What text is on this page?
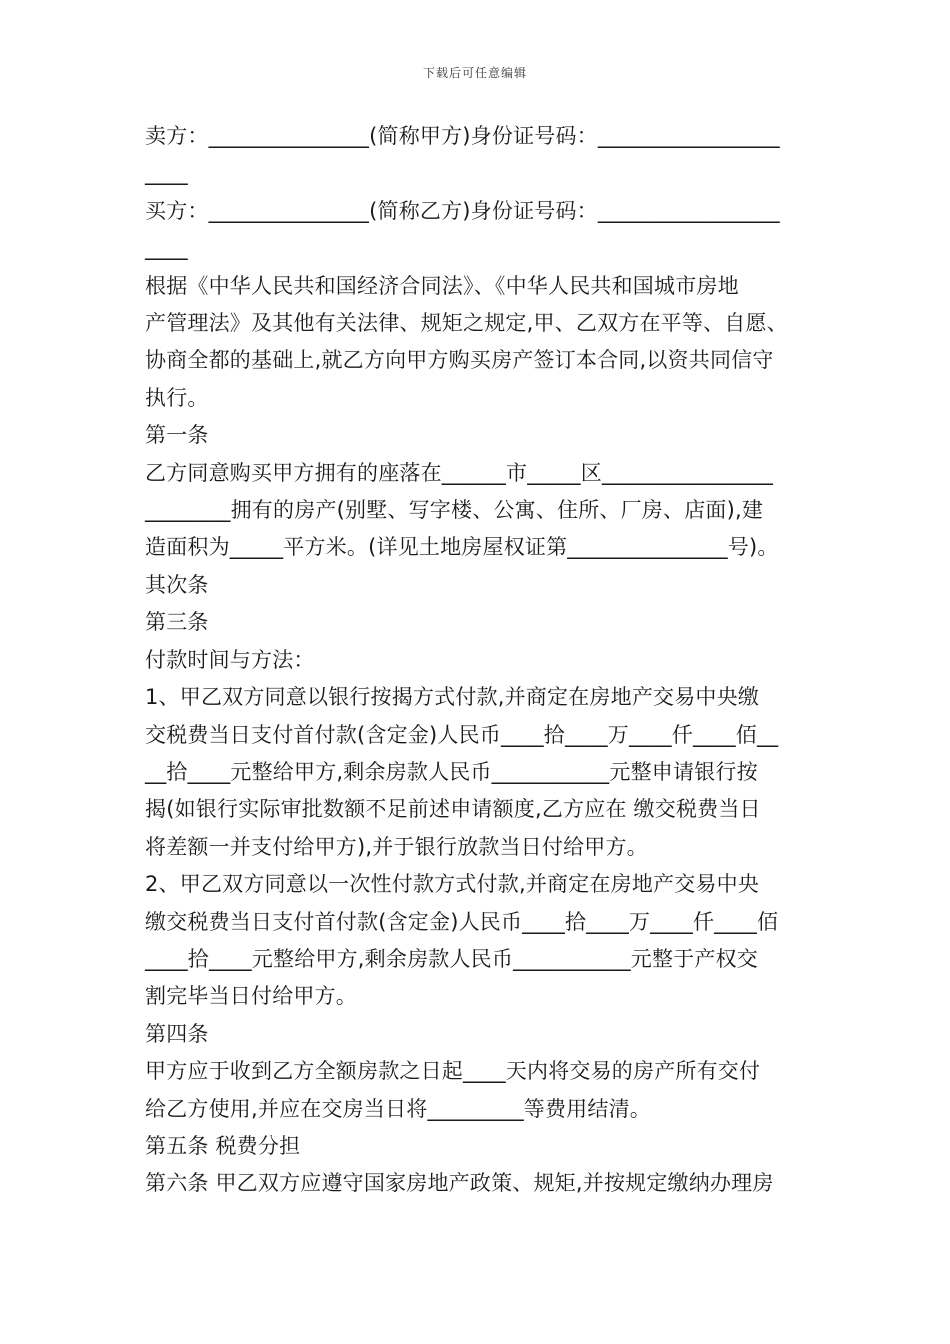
下载后可任意编辑
卖方：_______________(简称甲方)身份证号码：_________________
____
买方：_______________(简称乙方)身份证号码：_________________
____
根据《中华人民共和国经济合同法》、《中华人民共和国城市房地
产管理法》及其他有关法律、规矩之规定,甲、乙双方在平等、自愿、
协商全都的基础上,就乙方向甲方购买房产签订本合同,以资共同信守
执行。
第一条
乙方同意购买甲方拥有的座落在______市_____区________________
________拥有的房产(别墅、写字楼、公寓、住所、厂房、店面),建
造面积为_____平方米。(详见土地房屋权证第_______________号)。
其次条
第三条
付款时间与方法：
1、甲乙双方同意以银行按揭方式付款,并商定在房地产交易中央缴
交税费当日支付首付款(含定金)人民币____拾____万____仟____佰__
__拾____元整给甲方,剩余房款人民币___________元整申请银行按
揭(如银行实际审批数额不足前述申请额度,乙方应在 缴交税费当日
将差额一并支付给甲方),并于银行放款当日付给甲方。
2、甲乙双方同意以一次性付款方式付款,并商定在房地产交易中央
缴交税费当日支付首付款(含定金)人民币____拾____万____仟____佰
____拾____元整给甲方,剩余房款人民币___________元整于产权交
割完毕当日付给甲方。
第四条
甲方应于收到乙方全额房款之日起____天内将交易的房产所有交付
给乙方使用,并应在交房当日将_________等费用结清。
第五条 税费分担
第六条 甲乙双方应遵守国家房地产政策、规矩,并按规定缴纳办理房
